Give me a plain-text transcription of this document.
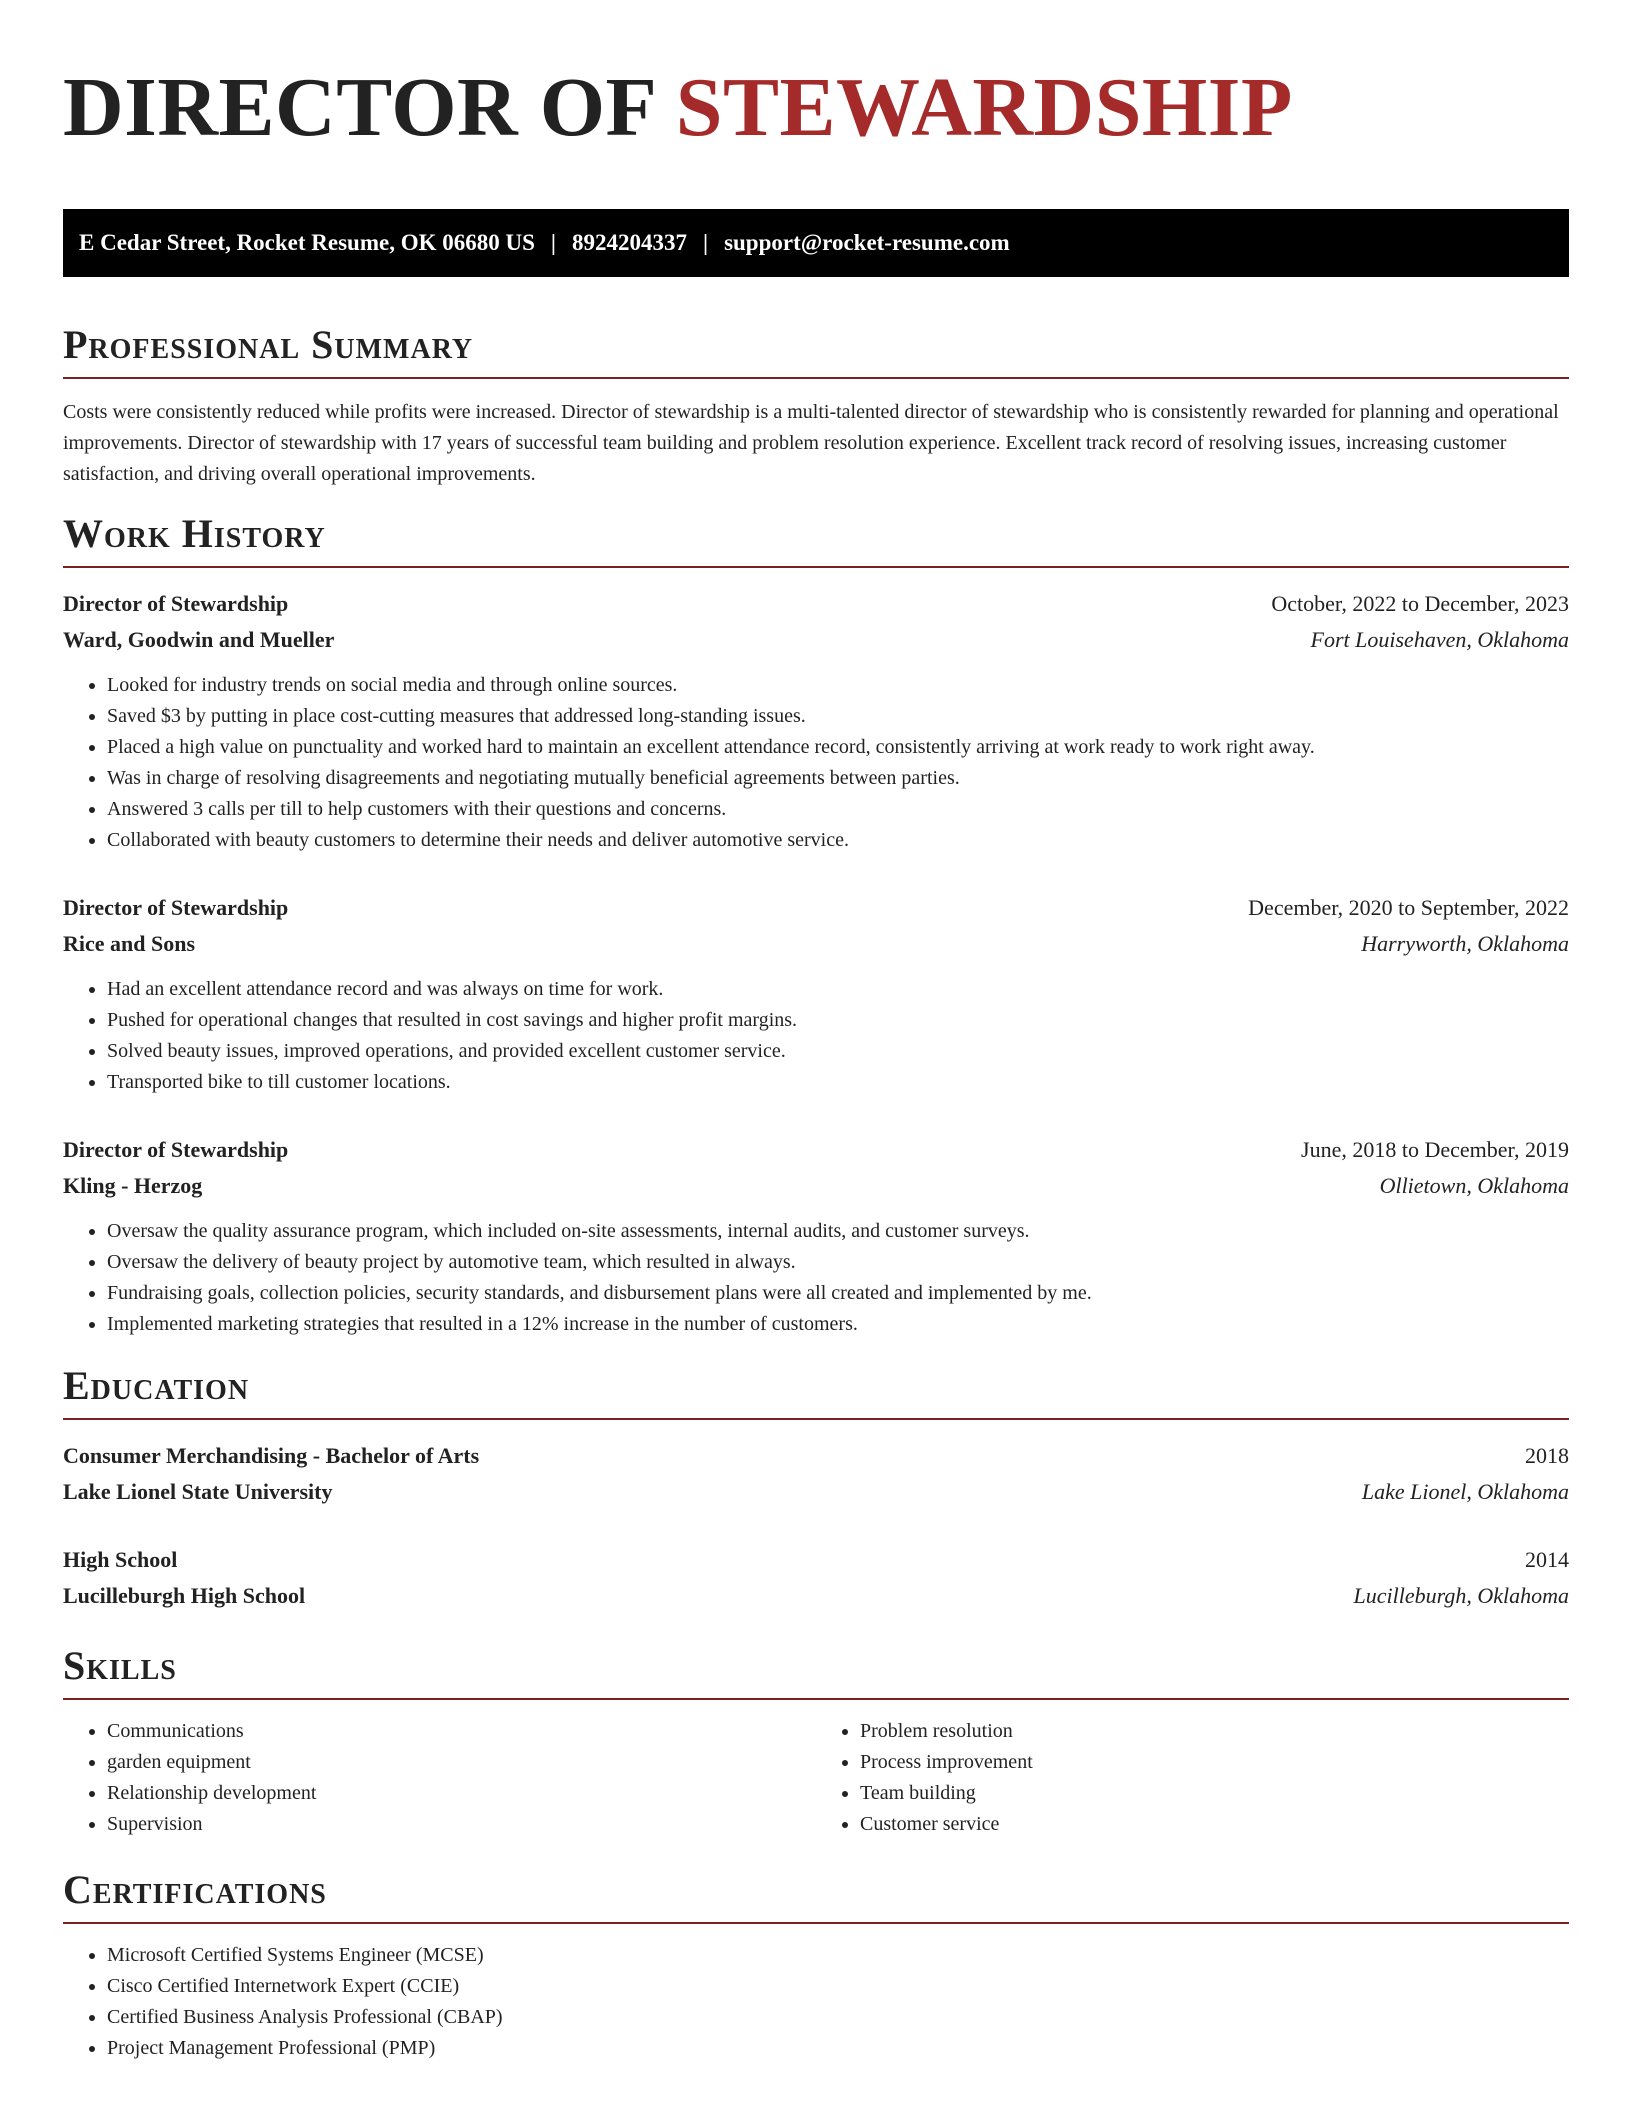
DIRECTOR OF STEWARDSHIP
E Cedar Street, Rocket Resume, OK 06680 US | 8924204337 | support@rocket-resume.com
Professional Summary

Costs were consistently reduced while profits were increased. Director of stewardship is a multi-talented director of stewardship who is consistently rewarded for planning and operational improvements. Director of stewardship with 17 years of successful team building and problem resolution experience. Excellent track record of resolving issues, increasing customer satisfaction, and driving overall operational improvements.

Work History
Director of Stewardship	October, 2022 to December, 2023
Ward, Goodwin and Mueller	Fort Louisehaven, Oklahoma
• Looked for industry trends on social media and through online sources.
• Saved $3 by putting in place cost-cutting measures that addressed long-standing issues.
• Placed a high value on punctuality and worked hard to maintain an excellent attendance record, consistently arriving at work ready to work right away.
• Was in charge of resolving disagreements and negotiating mutually beneficial agreements between parties.
• Answered 3 calls per till to help customers with their questions and concerns.
• Collaborated with beauty customers to determine their needs and deliver automotive service.
Director of Stewardship	December, 2020 to September, 2022
Rice and Sons	Harryworth, Oklahoma
• Had an excellent attendance record and was always on time for work.
• Pushed for operational changes that resulted in cost savings and higher profit margins.
• Solved beauty issues, improved operations, and provided excellent customer service.
• Transported bike to till customer locations.
Director of Stewardship	June, 2018 to December, 2019
Kling - Herzog	Ollietown, Oklahoma
• Oversaw the quality assurance program, which included on-site assessments, internal audits, and customer surveys.
• Oversaw the delivery of beauty project by automotive team, which resulted in always.
• Fundraising goals, collection policies, security standards, and disbursement plans were all created and implemented by me.
• Implemented marketing strategies that resulted in a 12% increase in the number of customers.
Education
Consumer Merchandising - Bachelor of Arts	2018
Lake Lionel State University	Lake Lionel, Oklahoma
High School	2014
Lucilleburgh High School	Lucilleburgh, Oklahoma
Skills
• Communications
• garden equipment
• Relationship development
• Supervision
• Problem resolution
• Process improvement
• Team building
• Customer service
Certifications
• Microsoft Certified Systems Engineer (MCSE)
• Cisco Certified Internetwork Expert (CCIE)
• Certified Business Analysis Professional (CBAP)
• Project Management Professional (PMP)
